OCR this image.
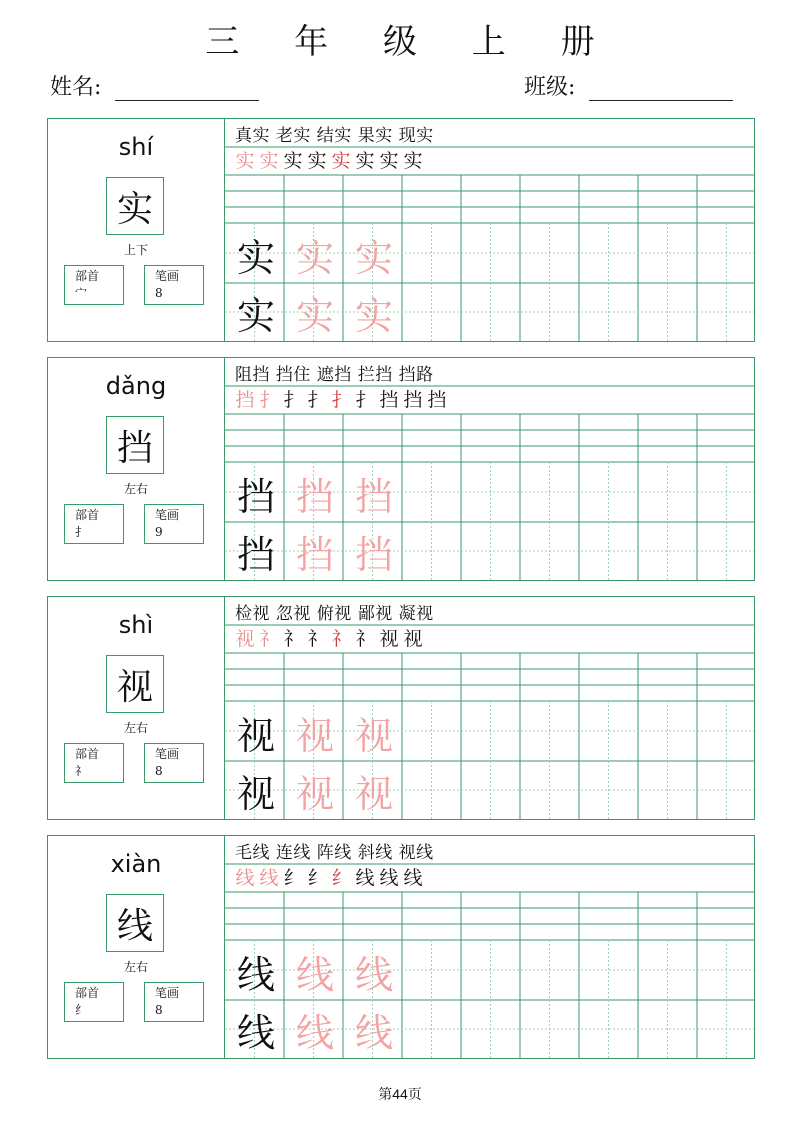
三 年 级 上 册
姓名:	班级:
shí
实
上下
部首
宀
笔画
8
真实 老实 结实 果实 现实
实 实 实 实 实 实 实 实
实 实 实
实 实 实
dǎng
挡
左右
部首
扌
笔画
9
阻挡 挡住 遮挡 拦挡 挡路
挡 扌 扌 扌 扌 扌 挡 挡 挡
挡 挡 挡
挡 挡 挡
shì
视
左右
部首
礻
笔画
8
检视 忽视 俯视 鄙视 凝视
视 礻 礻 礻 礻 礻 视 视
视 视 视
视 视 视
xiàn
线
左右
部首
纟
笔画
8
毛线 连线 阵线 斜线 视线
线 线 纟 纟 纟 线 线 线
线 线 线
线 线 线
第44页
